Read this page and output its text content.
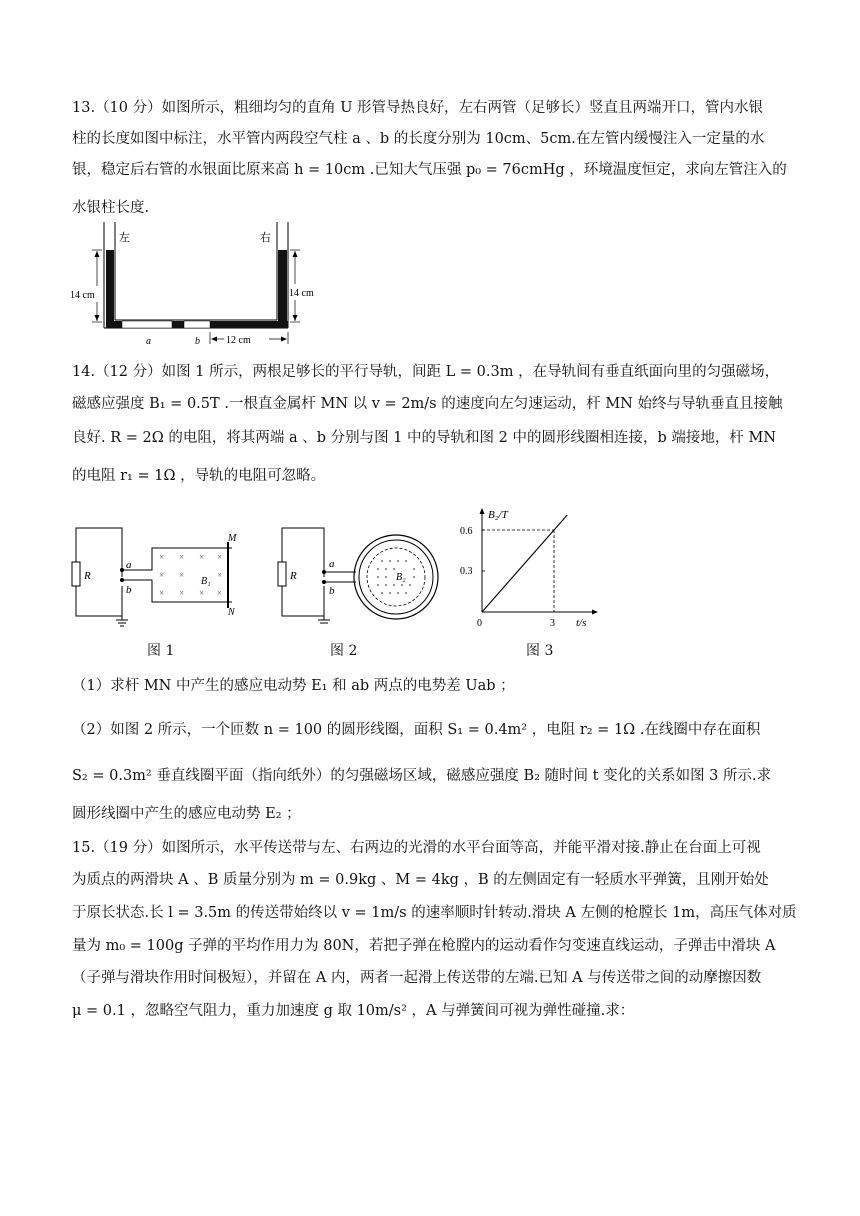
13.（10 分）如图所示，粗细均匀的直角 U 形管导热良好，左右两管（足够长）竖直且两端开口，管内水银
柱的长度如图中标注，水平管内两段空气柱 a 、b 的长度分别为 10cm、5cm.在左管内缓慢注入一定量的水
银，稳定后右管的水银面比原来高 h = 10cm .已知大气压强 p₀ = 76cmHg ，环境温度恒定，求向左管注入的
水银柱长度.
14 cm	14 cm
左	右
a	b	12 cm
14.（12 分）如图 1 所示，两根足够长的平行导轨，间距 L = 0.3m ，在导轨间有垂直纸面向里的匀强磁场，
磁感应强度 B₁ = 0.5T .一根直金属杆 MN 以 v = 2m/s 的速度向左匀速运动，杆 MN 始终与导轨垂直且接触
良好. R = 2Ω 的电阻，将其两端 a 、b 分别与图 1 中的导轨和图 2 中的圆形线圈相连接，b 端接地，杆 MN
的电阻 r₁ = 1Ω ，导轨的电阻可忽略。
R
a
b
M
N
B₁
× × × ×
× ×	×
× × × ×
图 1
R
a
b
B₂
图 2
B₂/T
t/s
0
0.6
0.3
3
图 3
（1）求杆 MN 中产生的感应电动势 E₁ 和 ab 两点的电势差 Uab ；
（2）如图 2 所示，一个匝数 n = 100 的圆形线圈，面积 S₁ = 0.4m² ，电阻 r₂ = 1Ω .在线圈中存在面积
S₂ = 0.3m² 垂直线圈平面（指向纸外）的匀强磁场区域，磁感应强度 B₂ 随时间 t 变化的关系如图 3 所示.求
圆形线圈中产生的感应电动势 E₂ ；
15.（19 分）如图所示，水平传送带与左、右两边的光滑的水平台面等高，并能平滑对接.静止在台面上可视
为质点的两滑块 A 、B 质量分别为 m = 0.9kg 、M = 4kg ，B 的左侧固定有一轻质水平弹簧，且刚开始处
于原长状态.长 l = 3.5m 的传送带始终以 v = 1m/s 的速率顺时针转动.滑块 A 左侧的枪膛长 1m，高压气体对质
量为 m₀ = 100g 子弹的平均作用力为 80N，若把子弹在枪膛内的运动看作匀变速直线运动，子弹击中滑块 A
（子弹与滑块作用时间极短），并留在 A 内，两者一起滑上传送带的左端.已知 A 与传送带之间的动摩擦因数
μ = 0.1 ，忽略空气阻力，重力加速度 g 取 10m/s² ，A 与弹簧间可视为弹性碰撞.求：
